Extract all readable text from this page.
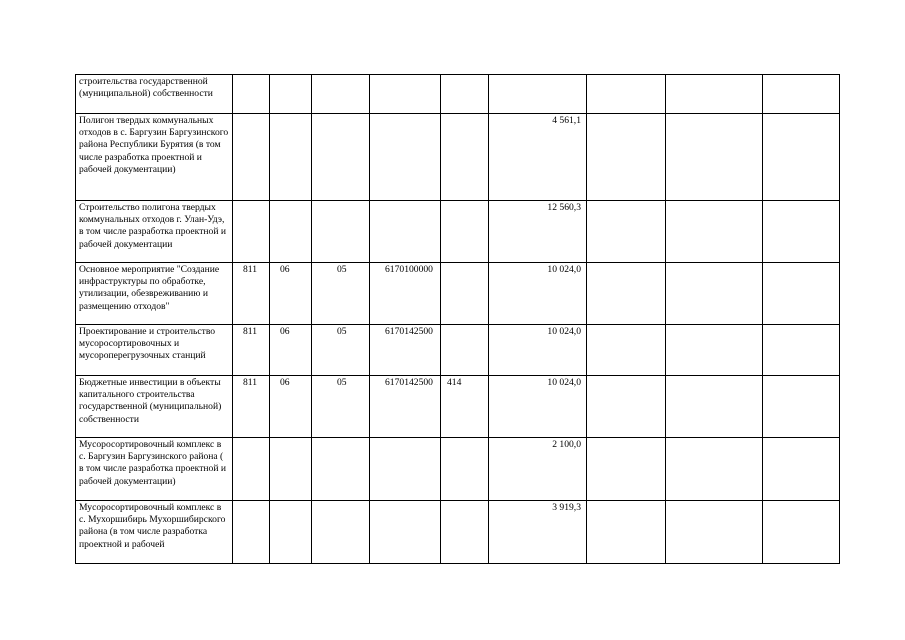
строительства государственной (муниципальной) собственности									
Полигон твердых коммунальных отходов в с. Баргузин Баргузинского района Республики Бурятия (в том числе разработка проектной и рабочей документации)						4 561,1			
Строительство полигона твердых коммунальных отходов г. Улан-Удэ, в том числе разработка проектной и рабочей документации						12 560,3			
Основное мероприятие "Создание инфраструктуры по обработке, утилизации, обезвреживанию и размещению отходов"	811	06	05	6170100000		10 024,0			
Проектирование и строительство мусоросортировочных и мусороперегрузочных станций	811	06	05	6170142500		10 024,0			
Бюджетные инвестиции в объекты капитального строительства государственной (муниципальной) собственности	811	06	05	6170142500	414	10 024,0			
Мусоросортировочный комплекс в с. Баргузин Баргузинского района ( в том числе разработка проектной и рабочей документации)						2 100,0			
Мусоросортировочный комплекс в с. Мухоршибирь Мухоршибирского района (в том числе разработка проектной и рабочей						3 919,3			
